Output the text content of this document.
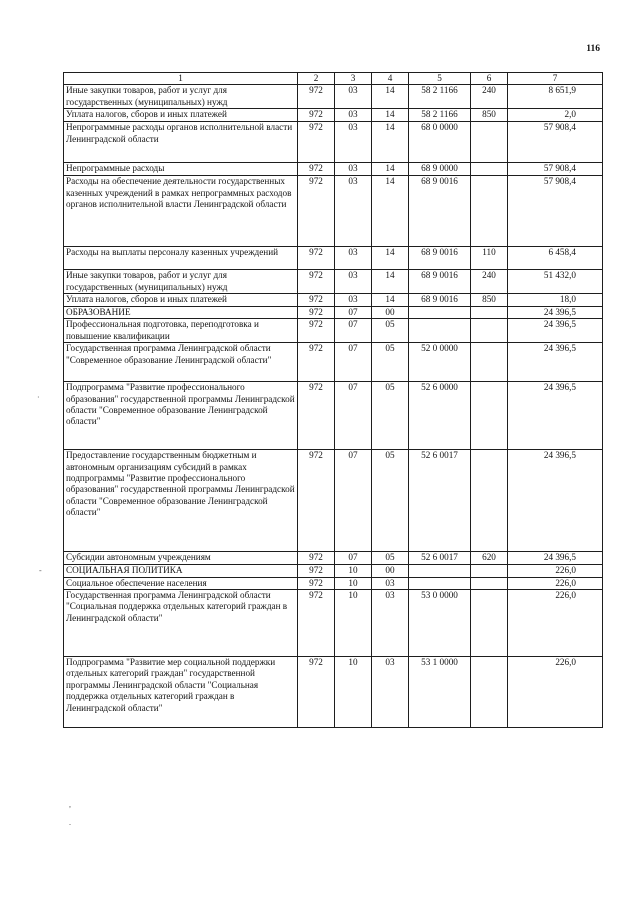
116
1	2	3	4	5	6	7
Иные закупки товаров, работ и услуг для государственных (муниципальных) нужд	972	03	14	58 2 1166	240	8 651,9
Уплата налогов, сборов и иных платежей	972	03	14	58 2 1166	850	2,0
Непрограммные расходы органов исполнительной власти Ленинградской области	972	03	14	68 0 0000		57 908,4
Непрограммные расходы	972	03	14	68 9 0000		57 908,4
Расходы на обеспечение деятельности государственных казенных учреждений в рамках непрограммных расходов органов исполнительной власти Ленинградской области	972	03	14	68 9 0016		57 908,4
Расходы на выплаты персоналу казенных учреждений	972	03	14	68 9 0016	110	6 458,4
Иные закупки товаров, работ и услуг для государственных (муниципальных) нужд	972	03	14	68 9 0016	240	51 432,0
Уплата налогов, сборов и иных платежей	972	03	14	68 9 0016	850	18,0
ОБРАЗОВАНИЕ	972	07	00			24 396,5
Профессиональная подготовка, переподготовка и повышение квалификации	972	07	05			24 396,5
Государственная программа Ленинградской области "Современное образование Ленинградской области"	972	07	05	52 0 0000		24 396,5
Подпрограмма "Развитие профессионального образования" государственной программы Ленинградской области "Современное образование Ленинградской области"	972	07	05	52 6 0000		24 396,5
Предоставление государственным бюджетным и автономным организациям субсидий в рамках подпрограммы "Развитие профессионального образования" государственной программы Ленинградской области "Современное образование Ленинградской области"	972	07	05	52 6 0017		24 396,5
Субсидии автономным учреждениям	972	07	05	52 6 0017	620	24 396,5
СОЦИАЛЬНАЯ ПОЛИТИКА	972	10	00			226,0
Социальное обеспечение населения	972	10	03			226,0
Государственная программа Ленинградской области "Социальная поддержка отдельных категорий граждан в Ленинградской области"	972	10	03	53 0 0000		226,0
Подпрограмма "Развитие мер социальной поддержки отдельных категорий граждан" государственной программы Ленинградской области "Социальная поддержка отдельных категорий граждан в Ленинградской области"	972	10	03	53 1 0000		226,0
·
-
,
.
